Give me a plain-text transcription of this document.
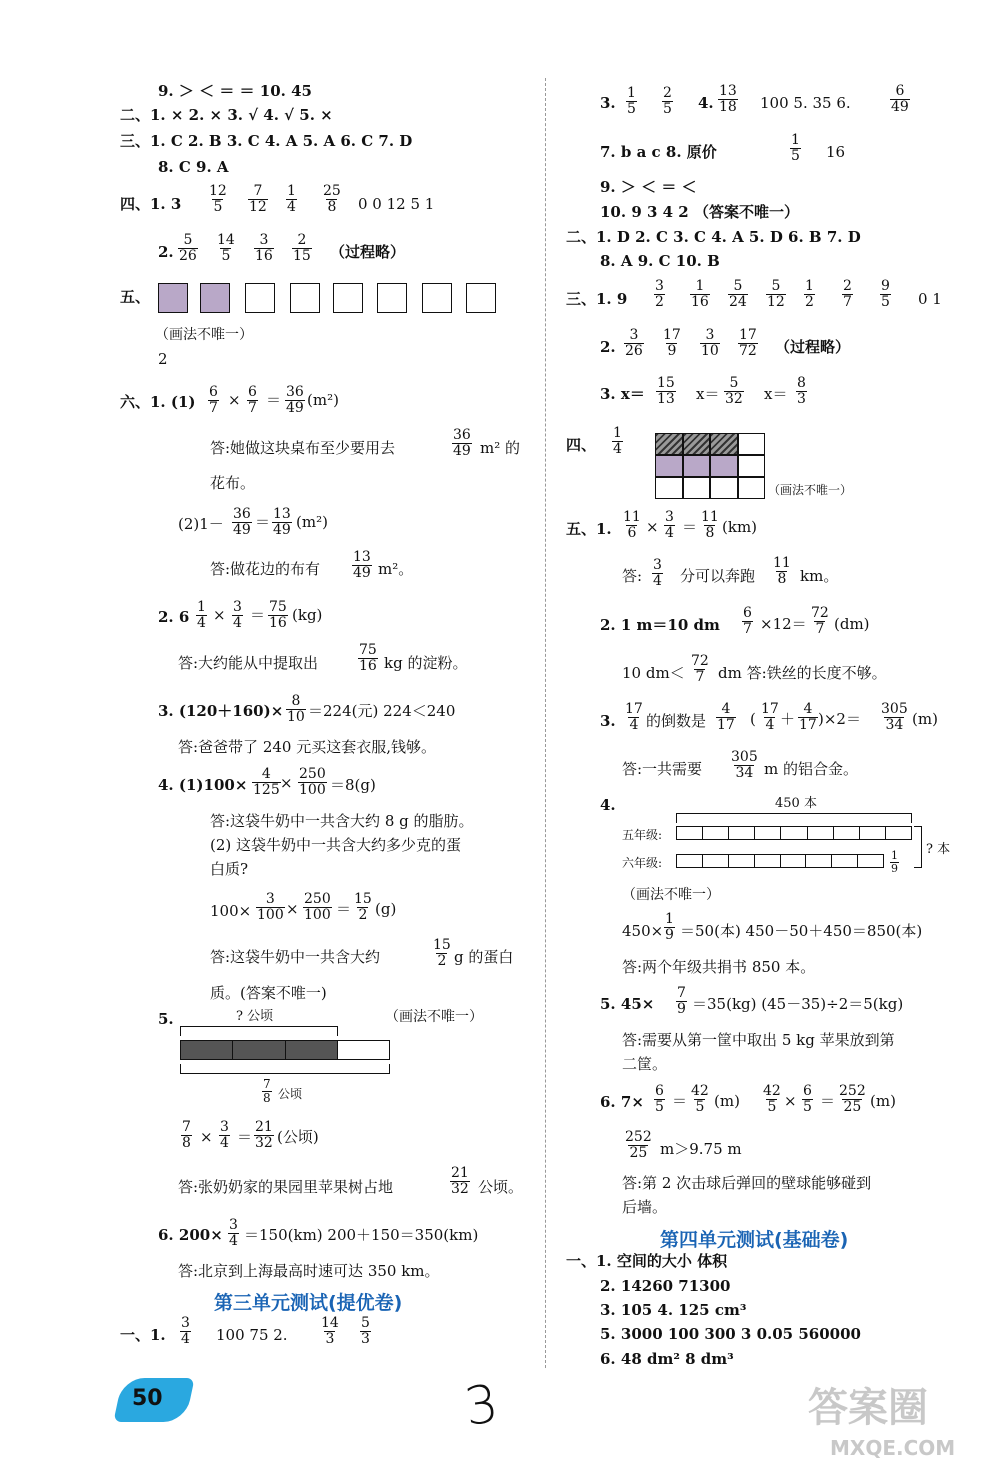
9. ＞ ＜ ＝ ＝ 10. 45
二、1. × 2. × 3. √ 4. √ 5. ×
三、1. C 2. B 3. C 4. A 5. A 6. C 7. D
8. C 9. A
四、1. 3
12
5
7
12
1
4
25
8 0 0 12 5 1
2.
5
26
14
5
3
16
2
15 （过程略）
五、
（画法不唯一）
2
六、1. (1)
6
7 × 6
7 ＝ 36
49 (m²)
答:她做这块桌布至少要用去
36
49 m² 的
花布。
(2)1－
36
49 ＝ 13
49 (m²)
答:做花边的布有
13
49 m²。
2. 6
1
4 × 3
4 ＝ 75
16 (kg)
答:大约能从中提取出
75
16 kg 的淀粉。
3. (120＋160)×
8
10 ＝224(元) 224＜240
答:爸爸带了 240 元买这套衣服,钱够。
4. (1)100×
4
125 × 250
100 ＝8(g)
答:这袋牛奶中一共含大约 8 g 的脂肪。
(2) 这袋牛奶中一共含大约多少克的蛋
白质?
100×
3
100 ×
250
100 ＝
15
2 (g)
答:这袋牛奶中一共含大约
15
2 g 的蛋白
质。(答案不唯一)
5.	? 公顷	（画法不唯一）
7
8 公顷
7
8 ×
3
4 ＝
21
32 (公顷)
答:张奶奶家的果园里苹果树占地
21
32 公顷。
6. 200×
3
4 ＝150(km) 200＋150＝350(km)
答:北京到上海最高时速可达 350 km。
第三单元测试(提优卷)
一、1.
3
4 100 75 2.
14
3
5
3
3.
1
5
2
5 4.
13
18 100 5. 35 6.
6
49
7. b a c 8. 原价
1
5 16
9. ＞ ＜ ＝ ＜
10. 9 3 4 2 （答案不唯一）
二、1. D 2. C 3. C 4. A 5. D 6. B 7. D
8. A 9. C 10. B
三、1. 9
3
2
1
16
5
24
5
12
1
2
2
7
9
5 0 1
2.
3
26
17
9
3
10
17
72 （过程略）
3. x＝
15
13 x＝
5
32 x＝
8
3
四、
1
4
（画法不唯一）
五、1.
11
6 ×
3
4 ＝
11
8 (km)
答:
3
4 分可以奔跑
11
8 km。
2. 1 m＝10 dm
6
7 ×12＝
72
7 (dm)
10 dm＜
72
7 dm 答:铁丝的长度不够。
3.
17
4 的倒数是
4
17 (
17
4 ＋
4
17 )×2＝
305
34 (m)
答:一共需要
305
34 m 的铝合金。
4.	450 本
五年级:
六年级:
? 本
1
9
（画法不唯一）
450×
1
9 ＝50(本) 450－50＋450＝850(本)
答:两个年级共捐书 850 本。
5. 45×
7
9 ＝35(kg) (45－35)÷2＝5(kg)
答:需要从第一筐中取出 5 kg 苹果放到第
二筐。
6. 7×
6
5 ＝
42
5 (m)
42
5 ×
6
5 ＝
252
25 (m)
252
25 m＞9.75 m
答:第 2 次击球后弹回的壁球能够碰到
后墙。
第四单元测试(基础卷)
一、1. 空间的大小 体积
2. 14260 71300
3. 105 4. 125 cm³
5. 3000 100 300 3 0.05 560000
6. 48 dm² 8 dm³
50	3	答案圈
MXQE.COM
